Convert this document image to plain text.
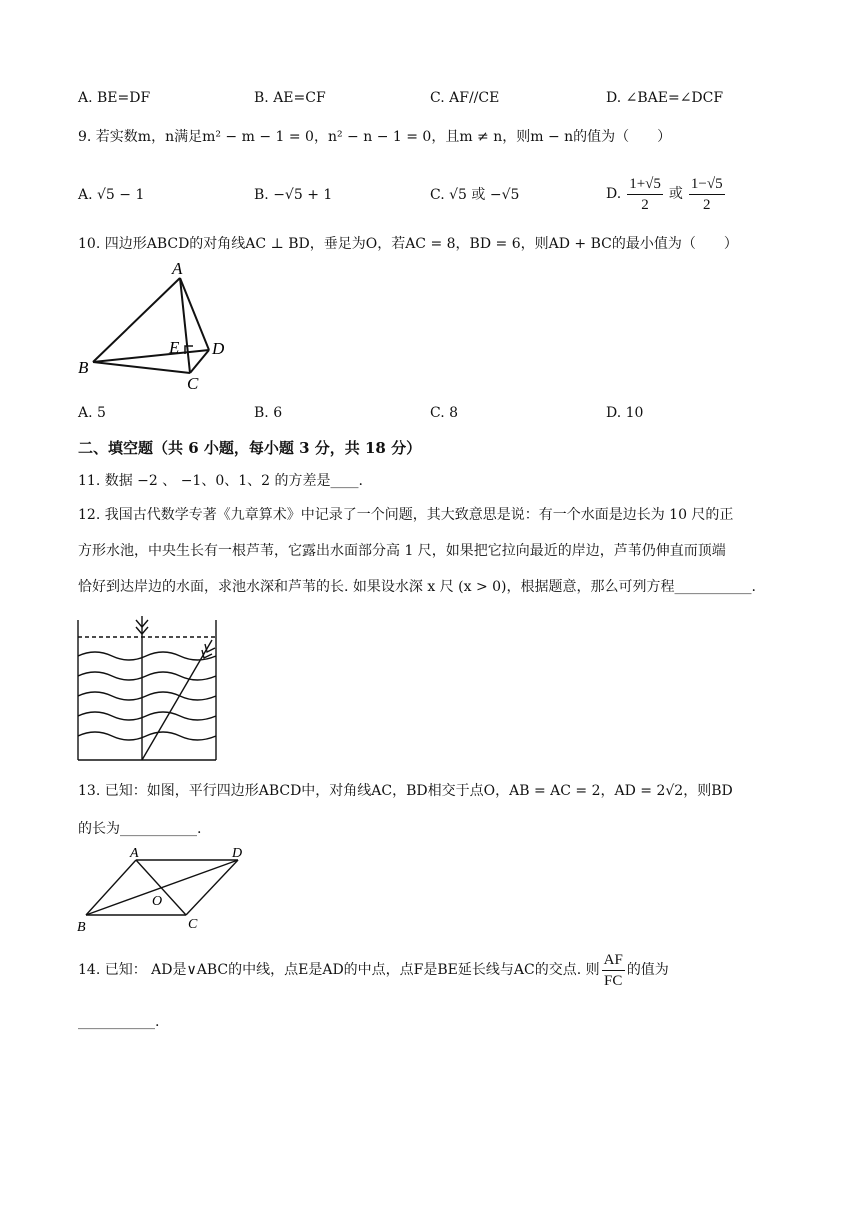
A. BE=DF	B. AE=CF	C. AF//CE	D. ∠BAE=∠DCF
9. 若实数m，n满足m² − m − 1 = 0，n² − n − 1 = 0，且m ≠ n，则m − n的值为（　　）
A. √5 − 1	B. −√5 + 1	C. √5 或 −√5	D. $\frac{1+√5}{2}$ 或 $\frac{1-√5}{2}$
10. 四边形ABCD的对角线AC ⊥ BD，垂足为O，若AC = 8，BD = 6，则AD + BC的最小值为（　　）
A
B
C
D
E
A. 5	B. 6	C. 8	D. 10
二、填空题（共 6 小题，每小题 3 分，共 18 分）
11. 数据 −2 、 −1、0、1、2 的方差是____.
12. 我国古代数学专著《九章算术》中记录了一个问题，其大致意思是说：有一个水面是边长为 10 尺的正
方形水池，中央生长有一根芦苇，它露出水面部分高 1 尺，如果把它拉向最近的岸边，芦苇仍伸直而顶端
恰好到达岸边的水面，求池水深和芦苇的长. 如果设水深 x 尺 (x > 0)，根据题意，那么可列方程___________.
13. 已知：如图，平行四边形ABCD中，对角线AC，BD相交于点O，AB = AC = 2，AD = 2√2，则BD
的长为___________.
A
B	C
D
O
14. 已知： AD是∨ABC的中线，点E是AD的中点，点F是BE延长线与AC的交点. 则 $\frac{AF}{FC}$ 的值为
___________.
